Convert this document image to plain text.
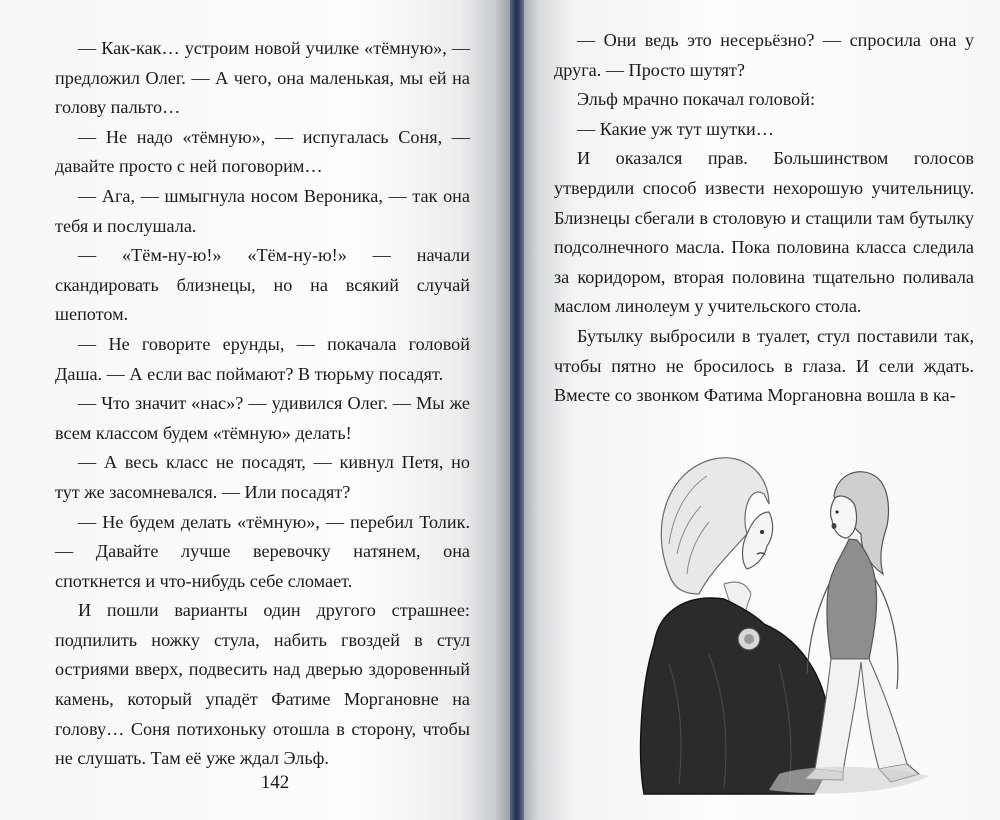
— Как-как… устроим новой училке «тёмную», — предложил Олег. — А чего, она маленькая, мы ей на голову пальто…

— Не надо «тёмную», — испугалась Соня, — давайте просто с ней поговорим…

— Ага, — шмыгнула носом Вероника, — так она тебя и послушала.

— «Тём-ну-ю!» «Тём-ну-ю!» — начали скандировать близнецы, но на всякий случай шепотом.

— Не говорите ерунды, — покачала головой Даша. — А если вас поймают? В тюрьму посадят.

— Что значит «нас»? — удивился Олег. — Мы же всем классом будем «тёмную» делать!

— А весь класс не посадят, — кивнул Петя, но тут же засомневался. — Или посадят?

— Не будем делать «тёмную», — перебил Толик. — Давайте лучше веревочку натянем, она споткнется и что-нибудь себе сломает.

И пошли варианты один другого страшнее: подпилить ножку стула, набить гвоздей в стул остриями вверх, подвесить над дверью здоровенный камень, который упадёт Фатиме Моргановне на голову… Соня потихоньку отошла в сторону, чтобы не слушать. Там её уже ждал Эльф.

142

— Они ведь это несерьёзно? — спросила она у друга. — Просто шутят?

Эльф мрачно покачал головой:

— Какие уж тут шутки…

И оказался прав. Большинством голосов утвердили способ извести нехорошую учительницу. Близнецы сбегали в столовую и стащили там бутылку подсолнечного масла. Пока половина класса следила за коридором, вторая половина тщательно поливала маслом линолеум у учительского стола.

Бутылку выбросили в туалет, стул поставили так, чтобы пятно не бросилось в глаза. И сели ждать. Вместе со звонком Фатима Моргановна вошла в ка-
